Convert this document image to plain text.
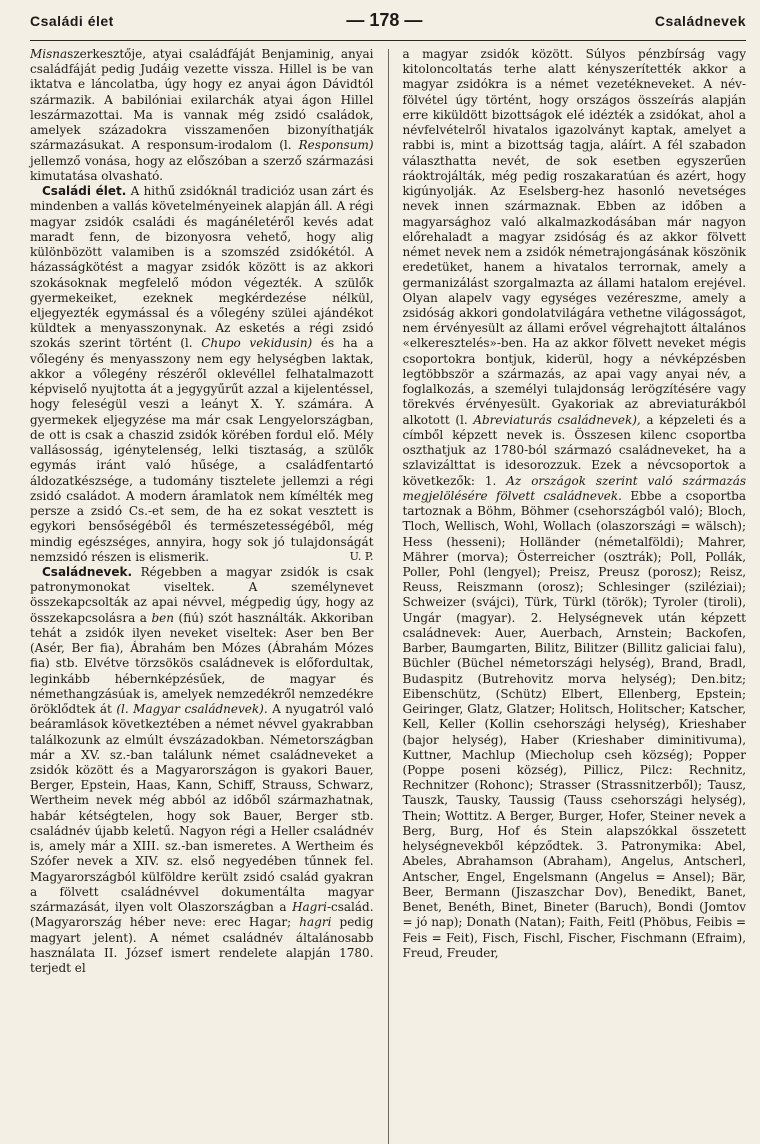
Családi élet	— 178 —	Családnevek

Misnaszerkesztője, atyai családfáját Benjaminig, anyai családfáját pedig Judáig vezette vissza. Hillel is be van iktatva e láncolatba, úgy hogy ez anyai ágon Dávidtól származik. A babilóniai exilarchák atyai ágon Hillel leszármazottai. Ma is vannak még zsidó családok, amelyek századokra visszamenően bizonyíthatják származásukat. A responsum-irodalom (l. Responsum) jellemző vonása, hogy az előszóban a szerző származási kimutatása olvasható.

Családi élet. A hithű zsidóknál tradicióz usan zárt és mindenben a vallás követelményeinek alapján áll. A régi magyar zsidók családi és magánéletéről kevés adat maradt fenn, de bizonyosra vehető, hogy alig különbözött valamiben is a szomszéd zsidókétól. A házasságkötést a magyar zsidók között is az akkori szokásoknak megfelelő módon végezték. A szülők gyermekeiket, ezeknek megkérdezése nélkül, eljegyezték egymással és a vőlegény szülei ajándékot küldtek a menyasszonynak. Az esketés a régi zsidó szokás szerint történt (l. Chupo vekidusin) és ha a vőlegény és menyasszony nem egy helységben laktak, akkor a vőlegény részéről oklevéllel felhatalmazott képviselő nyujtotta át a jegygyűrűt azzal a kijelentéssel, hogy feleségül veszi a leányt X. Y. számára. A gyermekek eljegyzése ma már csak Lengyelországban, de ott is csak a chaszid zsidók körében fordul elő. Mély vallásosság, igénytelenség, lelki tisztaság, a szülők egymás iránt való hűsége, a családfentartó áldozatkészsége, a tudomány tisztelete jellemzi a régi zsidó családot. A modern áramlatok nem kímélték meg persze a zsidó Cs.-et sem, de ha ez sokat vesztett is egykori bensőségéből és természetességéből, még mindig egészséges, annyira, hogy sok jó tulajdonságát nemzsidó részen is elismerik.	U. P.

Családnevek. Régebben a magyar zsidók is csak patronymonokat viseltek. A személynevet összekapcsolták az apai névvel, mégpedig úgy, hogy az összekapcsolásra a ben (fiú) szót használták. Akkoriban tehát a zsidók ilyen neveket viseltek: Aser ben Ber (Asér, Ber fia), Ábrahám ben Mózes (Ábrahám Mózes fia) stb. Elvétve törzsökös családnevek is előfordultak, leginkább hébernképzésűek, de magyar és némethangzásúak is, amelyek nemzedékről nemzedékre öröklődtek át (l. Magyar családnevek). A nyugatról való beáramlások következtében a német névvel gyakrabban találkozunk az elmúlt évszázadokban. Németországban már a XV. sz.-ban találunk német családneveket a zsidók között és a Magyarországon is gyakori Bauer, Berger, Epstein, Haas, Kann, Schiff, Strauss, Schwarz, Wertheim nevek még abból az időből származhatnak, habár kétségtelen, hogy sok Bauer, Berger stb. családnév újabb keletű. Nagyon régi a Heller családnév is, amely már a XIII. sz.-ban ismeretes. A Wertheim és Szófer nevek a XIV. sz. első negyedében tűnnek fel. Magyarországból külföldre került zsidó család gyakran a fölvett családnévvel dokumentálta magyar származását, ilyen volt Olaszországban a Hagri-család. (Magyarország héber neve: erec Hagar; hagri pedig magyart jelent). A német családnév általánosabb használata II. József ismert rendelete alapján 1780. terjedt el

a magyar zsidók között. Súlyos pénzbírság vagy kitoloncoltatás terhe alatt kényszerítették akkor a magyar zsidókra is a német vezetékneveket. A név-fölvétel úgy történt, hogy országos összeírás alapján erre kiküldött bizottságok elé idézték a zsidókat, ahol a névfelvételről hivatalos igazolványt kaptak, amelyet a rabbi is, mint a bizottság tagja, aláírt. A fél szabadon választhatta nevét, de sok esetben egyszerűen ráoktrojálták, még pedig roszakaratúan és azért, hogy kigúnyolják. Az Eselsberg-hez hasonló nevetséges nevek innen származnak. Ebben az időben a magyarsághoz való alkalmazkodásában már nagyon előrehaladt a magyar zsidóság és az akkor fölvett német nevek nem a zsidók németrajongásának köszönik eredetüket, hanem a hivatalos terrornak, amely a germanizálást szorgalmazta az állami hatalom erejével. Olyan alapelv vagy egységes vezéreszme, amely a zsidóság akkori gondolatvilágára vethetne világosságot, nem érvényesült az állami erővel végrehajtott általános «elkeresztelés»-ben. Ha az akkor fölvett neveket mégis csoportokra bontjuk, kiderül, hogy a névképzésben legtöbbször a származás, az apai vagy anyai név, a foglalkozás, a személyi tulajdonság lerögzítésére vagy törekvés érvényesült. Gyakoriak az abreviaturákból alkotott (l. Abreviaturás családnevek), a képzeleti és a címből képzett nevek is. Összesen kilenc csoportba oszthatjuk az 1780-ból származó családneveket, ha a szlavizálttat is idesorozzuk. Ezek a névcsoportok a következők: 1. Az országok szerint való származás megjelölésére fölvett családnevek. Ebbe a csoportba tartoznak a Böhm, Böhmer (csehországból való); Bloch, Tloch, Wellisch, Wohl, Wollach (olaszországi = wälsch); Hess (hesseni); Holländer (németalföldi); Mahrer, Mährer (morva); Österreicher (osztrák); Poll, Pollák, Poller, Pohl (lengyel); Preisz, Preusz (porosz); Reisz, Reuss, Reiszmann (orosz); Schlesinger (sziléziai); Schweizer (svájci), Türk, Türkl (török); Tyroler (tiroli), Ungár (magyar). 2. Helységnevek után képzett családnevek: Auer, Auerbach, Arnstein; Backofen, Barber, Baumgarten, Bilitz, Bilitzer (Billitz galiciai falu), Büchler (Büchel németországi helység), Brand, Bradl, Budaspitz (Butrehovitz morva helység); Den.bitz; Eibenschütz, (Schütz) Elbert, Ellenberg, Epstein; Geiringer, Glatz, Glatzer; Holitsch, Holitscher; Katscher, Kell, Keller (Kollin csehországi helység), Krieshaber (bajor helység), Haber (Krieshaber diminitivuma), Kuttner, Machlup (Miecholup cseh község); Popper (Poppe poseni község), Pillicz, Pilcz: Rechnitz, Rechnitzer (Rohonc); Strasser (Strassnitzerből); Tausz, Tauszk, Tausky, Taussig (Tauss csehországi helység), Thein; Wottitz. A Berger, Burger, Hofer, Steiner nevek a Berg, Burg, Hof és Stein alapszókkal összetett helységnevekből képződtek. 3. Patronymika: Abel, Abeles, Abrahamson (Abraham), Angelus, Antscherl, Antscher, Engel, Engelsmann (Angelus = Ansel); Bär, Beer, Bermann (Jiszaszchar Dov), Benedikt, Banet, Benet, Benéth, Binet, Bineter (Baruch), Bondi (Jomtov = jó nap); Donath (Natan); Faith, Feitl (Phöbus, Feibis = Feis = Feit), Fisch, Fischl, Fischer, Fischmann (Efraim), Freud, Freuder,
